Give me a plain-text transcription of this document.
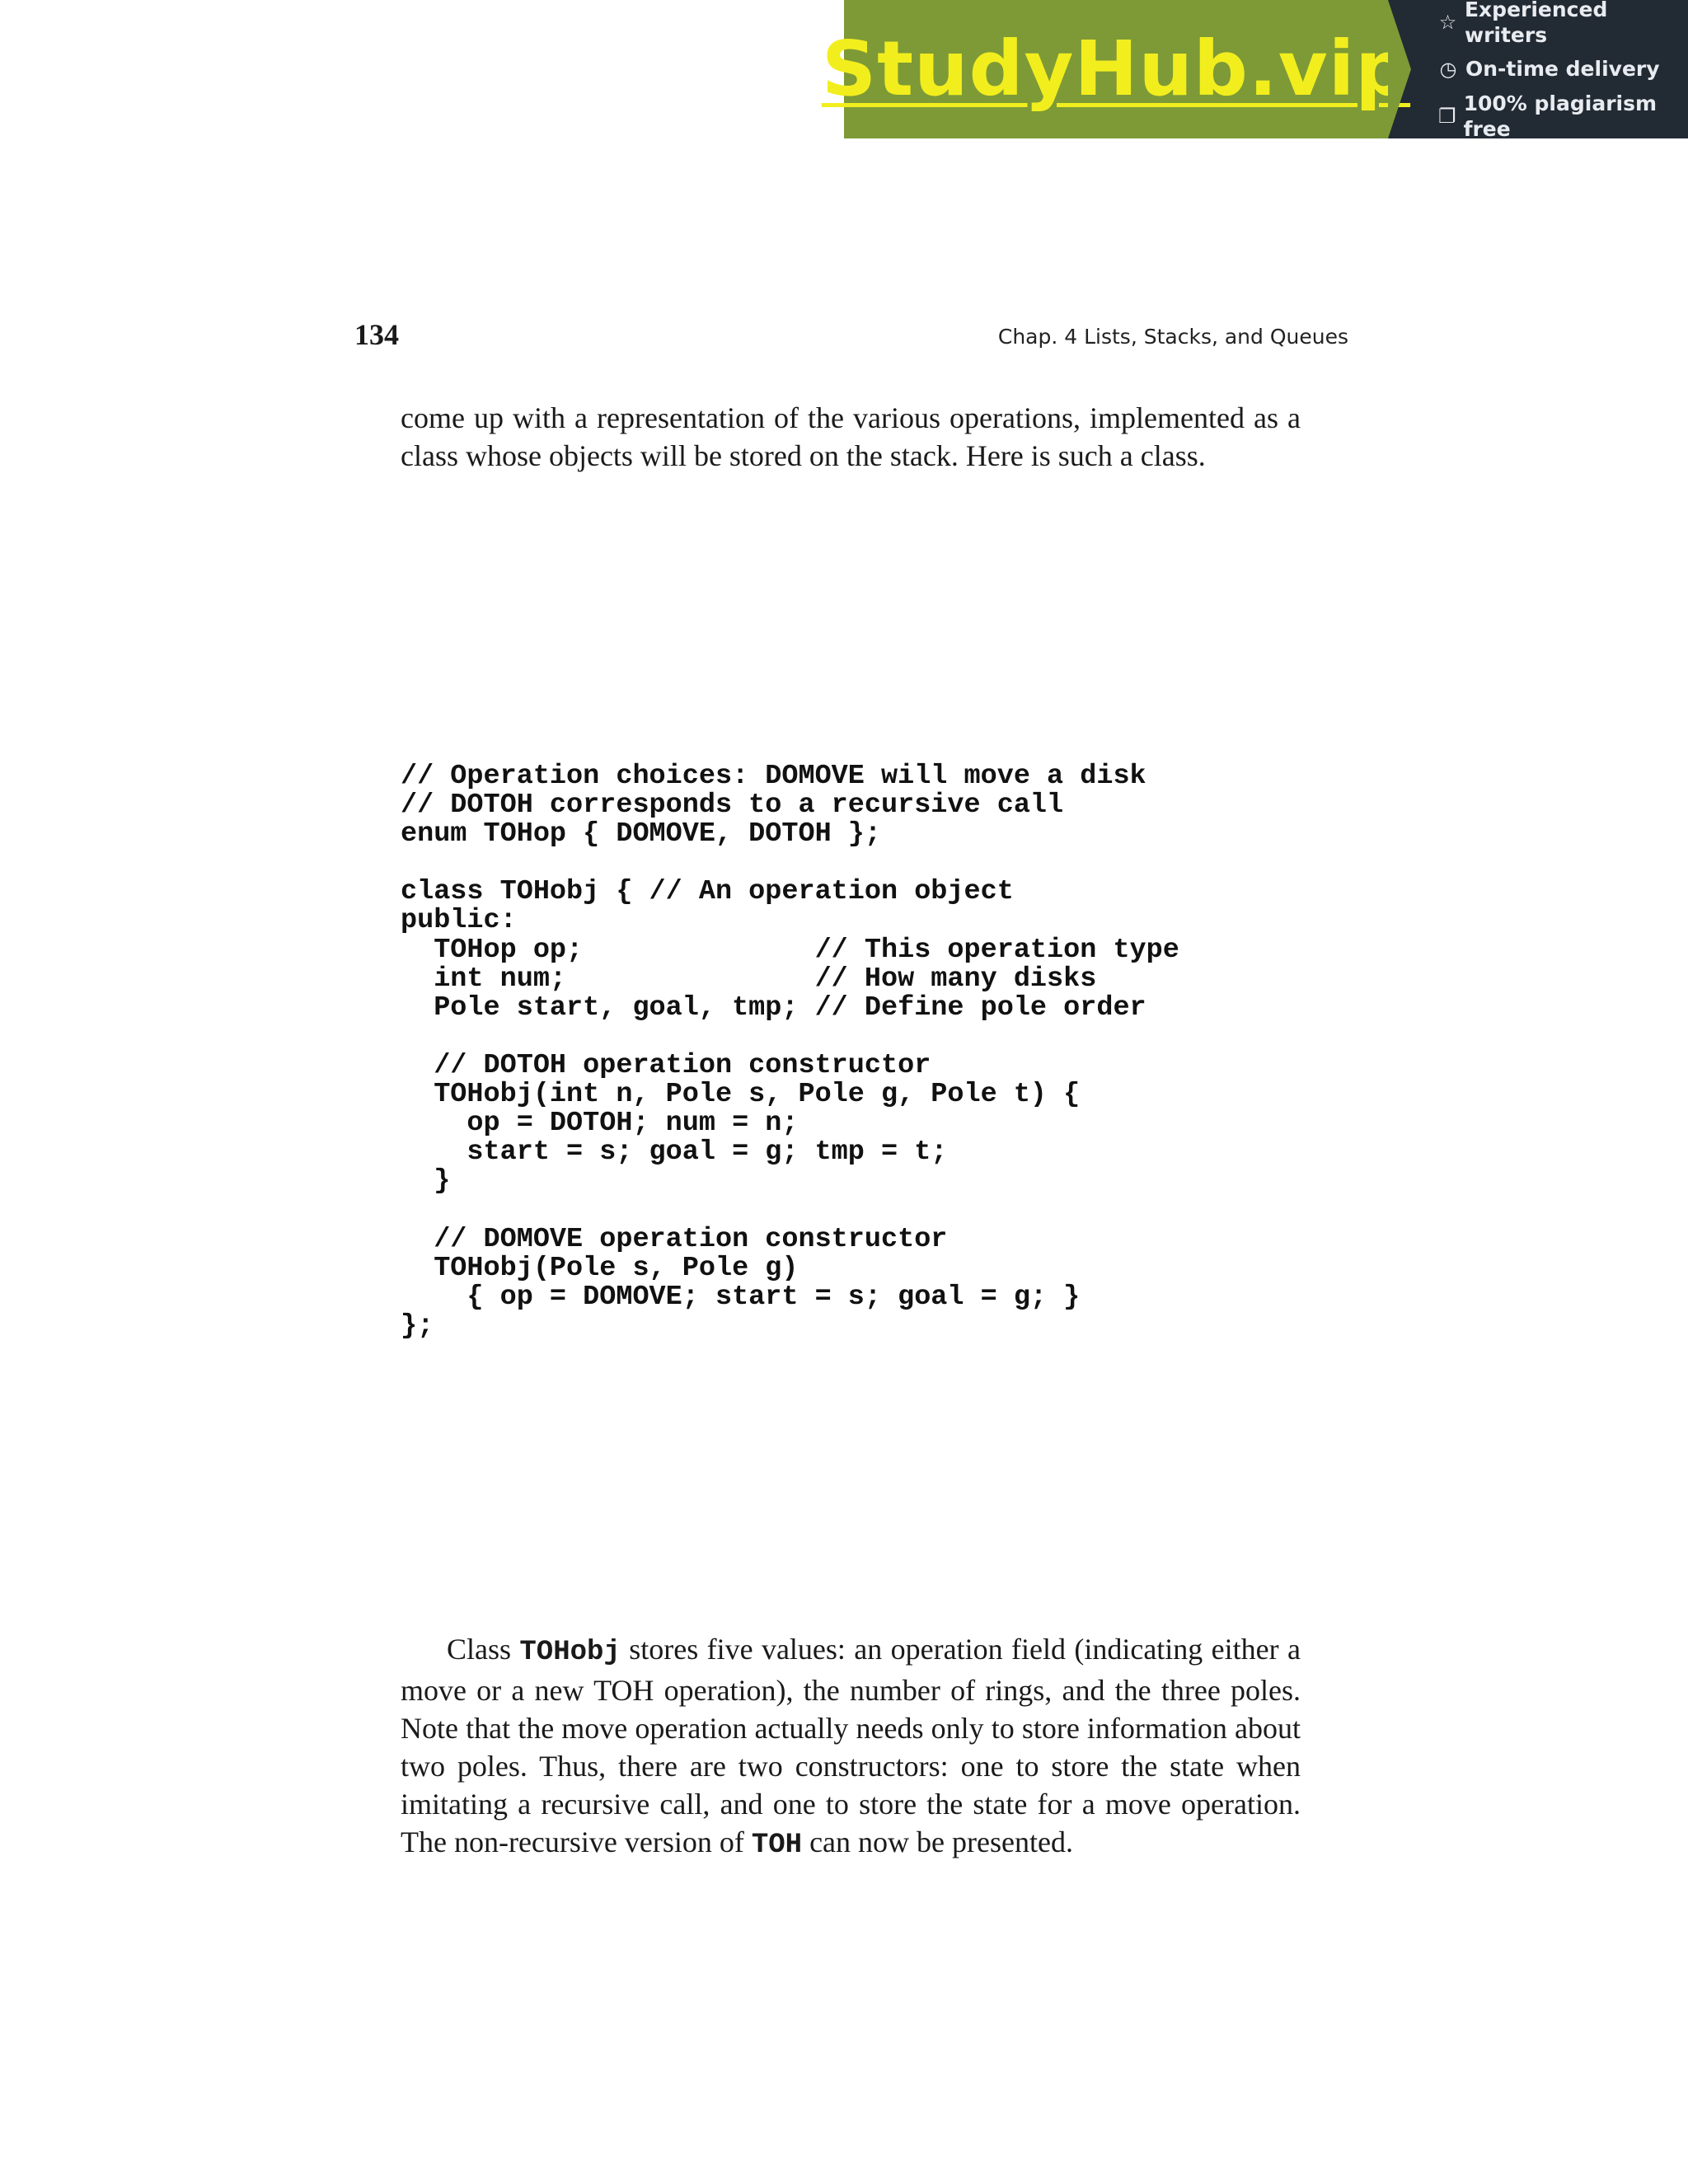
StudyHub.vip
☆
Experienced writers
◷ On-time delivery
❐
100% plagiarism free
134	Chap. 4 Lists, Stacks, and Queues

come up with a representation of the various operations, implemented as a class whose objects will be stored on the stack. Here is such a class.

// Operation choices: DOMOVE will move a disk
// DOTOH corresponds to a recursive call
enum TOHop { DOMOVE, DOTOH };
class TOHobj { // An operation object
public:
TOHop op;              // This operation type
int num;               // How many disks
Pole start, goal, tmp; // Define pole order
// DOTOH operation constructor
TOHobj(int n, Pole s, Pole g, Pole t) {
op = DOTOH; num = n;
start = s; goal = g; tmp = t;
}
// DOMOVE operation constructor
TOHobj(Pole s, Pole g)
{ op = DOMOVE; start = s; goal = g; }
};

Class TOHobj stores five values: an operation field (indicating either a move or a new TOH operation), the number of rings, and the three poles. Note that the move operation actually needs only to store information about two poles. Thus, there are two constructors: one to store the state when imitating a recursive call, and one to store the state for a move operation. The non-recursive version of TOH can now be presented.
